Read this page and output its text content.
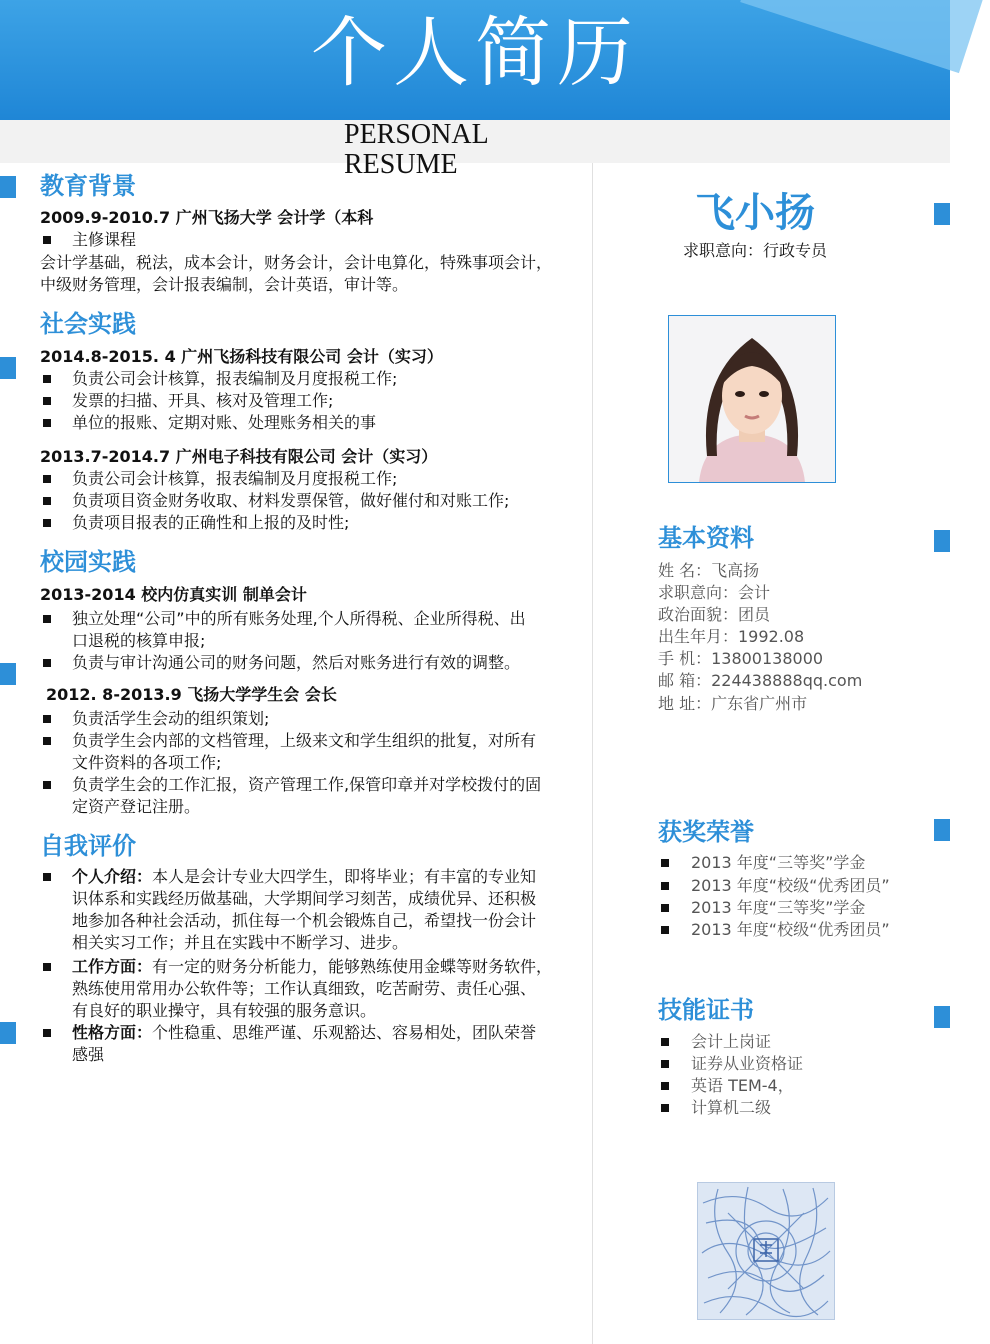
个人简历
PERSONAL RESUME
教育背景
2009.9-2010.7 广州飞扬大学 会计学（本科
主修课程
会计学基础，税法，成本会计，财务会计，会计电算化，特殊事项会计，
中级财务管理，会计报表编制，会计英语，审计等。
社会实践
2014.8-2015. 4 广州飞扬科技有限公司 会计（实习）
负责公司会计核算，报表编制及月度报税工作;
发票的扫描、开具、核对及管理工作;
单位的报账、定期对账、处理账务相关的事
2013.7-2014.7 广州电子科技有限公司 会计（实习）
负责公司会计核算，报表编制及月度报税工作;
负责项目资金财务收取、材料发票保管，做好催付和对账工作;
负责项目报表的正确性和上报的及时性;
校园实践
2013-2014 校内仿真实训 制单会计
独立处理“公司”中的所有账务处理,个人所得税、企业所得税、出
口退税的核算申报;
负责与审计沟通公司的财务问题，然后对账务进行有效的调整。
2012. 8-2013.9 飞扬大学学生会 会长
负责活学生会动的组织策划;
负责学生会内部的文档管理，上级来文和学生组织的批复，对所有
文件资料的各项工作;
负责学生会的工作汇报，资产管理工作,保管印章并对学校拨付的固
定资产登记注册。
自我评价
个人介绍：本人是会计专业大四学生，即将毕业；有丰富的专业知
识体系和实践经历做基础，大学期间学习刻苦，成绩优异、还积极
地参加各种社会活动，抓住每一个机会锻炼自己，希望找一份会计
相关实习工作；并且在实践中不断学习、进步。
工作方面：有一定的财务分析能力，能够熟练使用金蝶等财务软件，
熟练使用常用办公软件等；工作认真细致，吃苦耐劳、责任心强、
有良好的职业操守，具有较强的服务意识。
性格方面：个性稳重、思维严谨、乐观豁达、容易相处，团队荣誉
感强
飞小扬
求职意向：行政专员
基本资料
姓 名：飞高扬
求职意向：会计
政治面貌：团员
出生年月：1992.08
手 机：13800138000
邮 箱：224438888qq.com
地 址：广东省广州市
获奖荣誉
2013 年度“三等奖”学金
2013 年度“校级“优秀团员”
2013 年度“三等奖”学金
2013 年度“校级“优秀团员”
技能证书
会计上岗证
证券从业资格证
英语 TEM-4，
计算机二级
